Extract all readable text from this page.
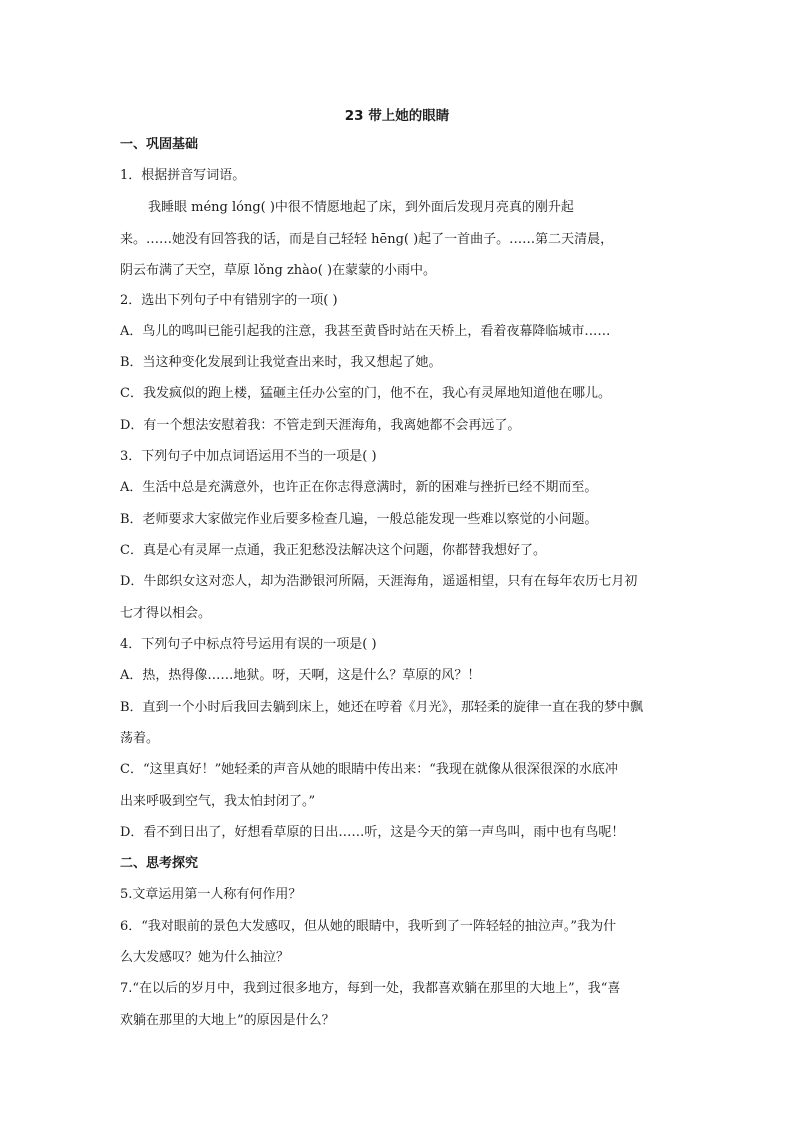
23 带上她的眼睛
一、巩固基础
1．根据拼音写词语。
我睡眼 méng lóng( )中很不情愿地起了床，到外面后发现月亮真的刚升起
来。……她没有回答我的话，而是自己轻轻 hēng( )起了一首曲子。……第二天清晨，
阴云布满了天空，草原 lǒng zhào( )在蒙蒙的小雨中。
2．选出下列句子中有错别字的一项( )
A．鸟儿的鸣叫已能引起我的注意，我甚至黄昏时站在天桥上，看着夜幕降临城市……
B．当这种变化发展到让我觉查出来时，我又想起了她。
C．我发疯似的跑上楼，猛砸主任办公室的门，他不在，我心有灵犀地知道他在哪儿。
D．有一个想法安慰着我：不管走到天涯海角，我离她都不会再远了。
3．下列句子中加点词语运用不当的一项是( )
A．生活中总是充满意外，也许正在你志得意满时，新的困难与挫折已经不期而至。
B．老师要求大家做完作业后要多检查几遍，一般总能发现一些难以察觉的小问题。
C．真是心有灵犀一点通，我正犯愁没法解决这个问题，你都替我想好了。
D．牛郎织女这对恋人，却为浩渺银河所隔，天涯海角，遥遥相望，只有在每年农历七月初
七才得以相会。
4．下列句子中标点符号运用有误的一项是( )
A．热，热得像……地狱。呀，天啊，这是什么？草原的风？！
B．直到一个小时后我回去躺到床上，她还在哼着《月光》，那轻柔的旋律一直在我的梦中飘
荡着。
C．“这里真好！”她轻柔的声音从她的眼睛中传出来：“我现在就像从很深很深的水底冲
出来呼吸到空气，我太怕封闭了。”
D．看不到日出了，好想看草原的日出……听，这是今天的第一声鸟叫，雨中也有鸟呢！
二、思考探究
5.文章运用第一人称有何作用？
6．“我对眼前的景色大发感叹，但从她的眼睛中，我听到了一阵轻轻的抽泣声。”我为什
么大发感叹？她为什么抽泣？
7.“在以后的岁月中，我到过很多地方，每到一处，我都喜欢躺在那里的大地上”，我“喜
欢躺在那里的大地上”的原因是什么？
